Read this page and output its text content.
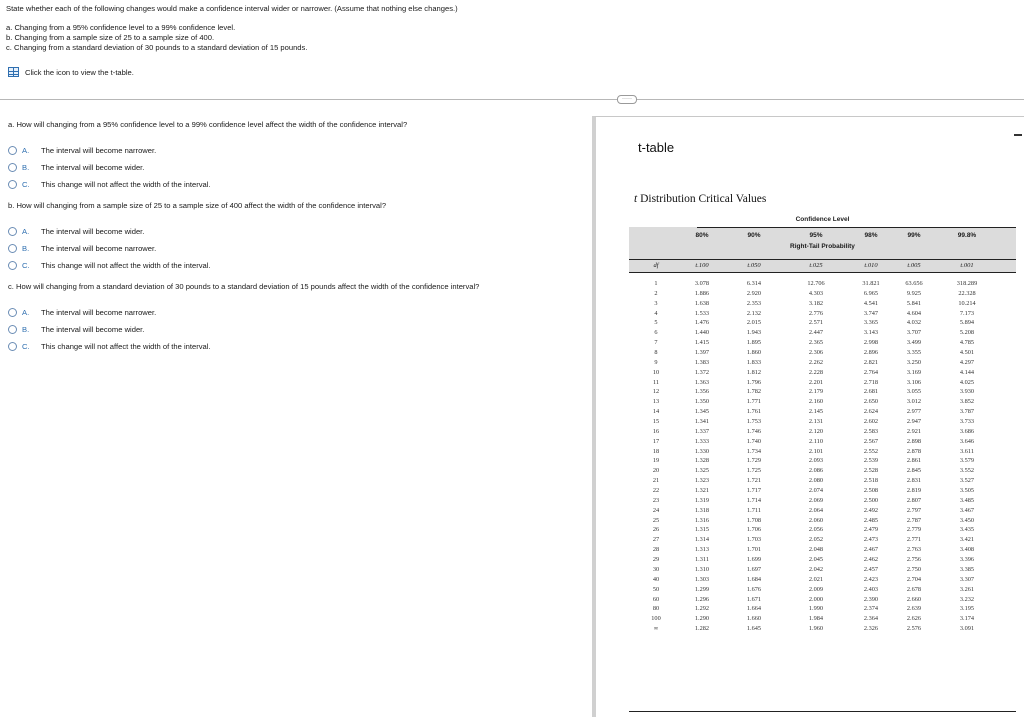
State whether each of the following changes would make a confidence interval wider or narrower. (Assume that nothing else changes.)
a. Changing from a 95% confidence level to a 99% confidence level.
b. Changing from a sample size of 25 to a sample size of 400.
c. Changing from a standard deviation of 30 pounds to a standard deviation of 15 pounds.
Click the icon to view the t-table.
·····
a. How will changing from a 95% confidence level to a 99% confidence level affect the width of the confidence interval?
A.	The interval will become narrower.
B.	The interval will become wider.
C.	This change will not affect the width of the interval.
b. How will changing from a sample size of 25 to a sample size of 400 affect the width of the confidence interval?
A.	The interval will become wider.
B.	The interval will become narrower.
C.	This change will not affect the width of the interval.
c. How will changing from a standard deviation of 30 pounds to a standard deviation of 15 pounds affect the width of the confidence interval?
A.	The interval will become narrower.
B.	The interval will become wider.
C.	This change will not affect the width of the interval.
t-table
t Distribution Critical Values
Confidence Level
80%	90%	95%	98%	99%	99.8%
Right-Tail Probability
df	t.100	t.050	t.025	t.010	t.005	t.001
1	3.078	6.314	12.706	31.821	63.656	318.289
2	1.886	2.920	4.303	6.965	9.925	22.328
3	1.638	2.353	3.182	4.541	5.841	10.214
4	1.533	2.132	2.776	3.747	4.604	7.173
5	1.476	2.015	2.571	3.365	4.032	5.894
6	1.440	1.943	2.447	3.143	3.707	5.208
7	1.415	1.895	2.365	2.998	3.499	4.785
8	1.397	1.860	2.306	2.896	3.355	4.501
9	1.383	1.833	2.262	2.821	3.250	4.297
10	1.372	1.812	2.228	2.764	3.169	4.144
11	1.363	1.796	2.201	2.718	3.106	4.025
12	1.356	1.782	2.179	2.681	3.055	3.930
13	1.350	1.771	2.160	2.650	3.012	3.852
14	1.345	1.761	2.145	2.624	2.977	3.787
15	1.341	1.753	2.131	2.602	2.947	3.733
16	1.337	1.746	2.120	2.583	2.921	3.686
17	1.333	1.740	2.110	2.567	2.898	3.646
18	1.330	1.734	2.101	2.552	2.878	3.611
19	1.328	1.729	2.093	2.539	2.861	3.579
20	1.325	1.725	2.086	2.528	2.845	3.552
21	1.323	1.721	2.080	2.518	2.831	3.527
22	1.321	1.717	2.074	2.508	2.819	3.505
23	1.319	1.714	2.069	2.500	2.807	3.485
24	1.318	1.711	2.064	2.492	2.797	3.467
25	1.316	1.708	2.060	2.485	2.787	3.450
26	1.315	1.706	2.056	2.479	2.779	3.435
27	1.314	1.703	2.052	2.473	2.771	3.421
28	1.313	1.701	2.048	2.467	2.763	3.408
29	1.311	1.699	2.045	2.462	2.756	3.396
30	1.310	1.697	2.042	2.457	2.750	3.385
40	1.303	1.684	2.021	2.423	2.704	3.307
50	1.299	1.676	2.009	2.403	2.678	3.261
60	1.296	1.671	2.000	2.390	2.660	3.232
80	1.292	1.664	1.990	2.374	2.639	3.195
100	1.290	1.660	1.984	2.364	2.626	3.174
∞	1.282	1.645	1.960	2.326	2.576	3.091
